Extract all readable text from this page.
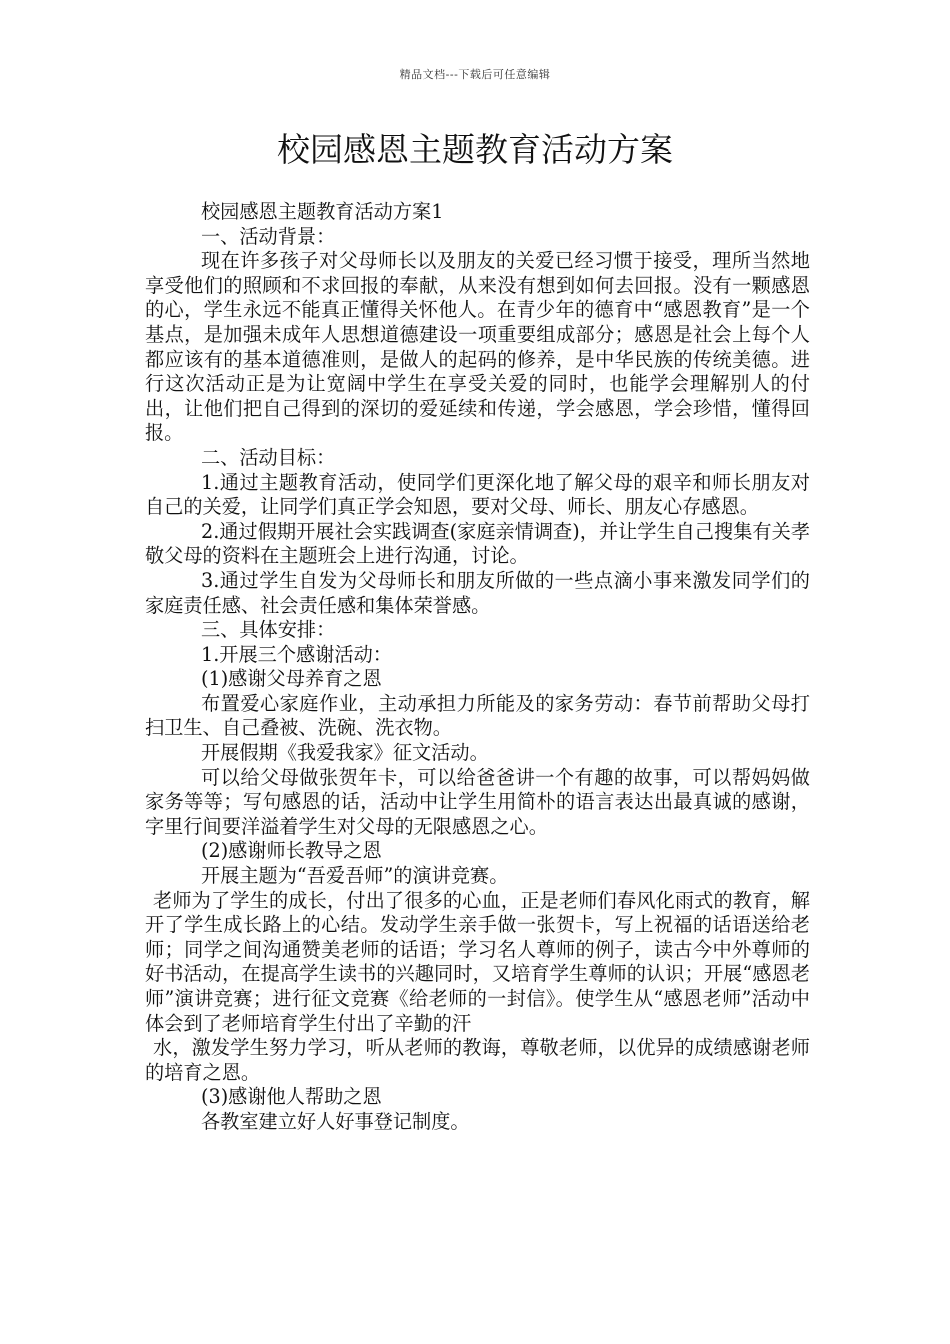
精品文档---下载后可任意编辑
校园感恩主题教育活动方案

校园感恩主题教育活动方案1

一、活动背景：

现在许多孩子对父母师长以及朋友的关爱已经习惯于接受，理所当然地享受他们的照顾和不求回报的奉献，从来没有想到如何去回报。没有一颗感恩的心，学生永远不能真正懂得关怀他人。在青少年的德育中“感恩教育”是一个基点，是加强未成年人思想道德建设一项重要组成部分；感恩是社会上每个人都应该有的基本道德准则，是做人的起码的修养，是中华民族的传统美德。进行这次活动正是为让宽阔中学生在享受关爱的同时，也能学会理解别人的付出，让他们把自己得到的深切的爱延续和传递，学会感恩，学会珍惜，懂得回报。

二、活动目标：

1.通过主题教育活动，使同学们更深化地了解父母的艰辛和师长朋友对自己的关爱，让同学们真正学会知恩，要对父母、师长、朋友心存感恩。

2.通过假期开展社会实践调查(家庭亲情调查)，并让学生自己搜集有关孝敬父母的资料在主题班会上进行沟通，讨论。

3.通过学生自发为父母师长和朋友所做的一些点滴小事来激发同学们的家庭责任感、社会责任感和集体荣誉感。

三、具体安排：

1.开展三个感谢活动：

(1)感谢父母养育之恩

布置爱心家庭作业，主动承担力所能及的家务劳动：春节前帮助父母打扫卫生、自己叠被、洗碗、洗衣物。

开展假期《我爱我家》征文活动。

可以给父母做张贺年卡，可以给爸爸讲一个有趣的故事，可以帮妈妈做家务等等；写句感恩的话，活动中让学生用简朴的语言表达出最真诚的感谢，字里行间要洋溢着学生对父母的无限感恩之心。

(2)感谢师长教导之恩

开展主题为“吾爱吾师”的演讲竞赛。

老师为了学生的成长，付出了很多的心血，正是老师们春风化雨式的教育，解开了学生成长路上的心结。发动学生亲手做一张贺卡，写上祝福的话语送给老师；同学之间沟通赞美老师的话语；学习名人尊师的例子，读古今中外尊师的好书活动，在提高学生读书的兴趣同时，又培育学生尊师的认识；开展“感恩老师”演讲竞赛；进行征文竞赛《给老师的一封信》。使学生从“感恩老师”活动中体会到了老师培育学生付出了辛勤的汗

水，激发学生努力学习，听从老师的教诲，尊敬老师，以优异的成绩感谢老师的培育之恩。

(3)感谢他人帮助之恩

各教室建立好人好事登记制度。
